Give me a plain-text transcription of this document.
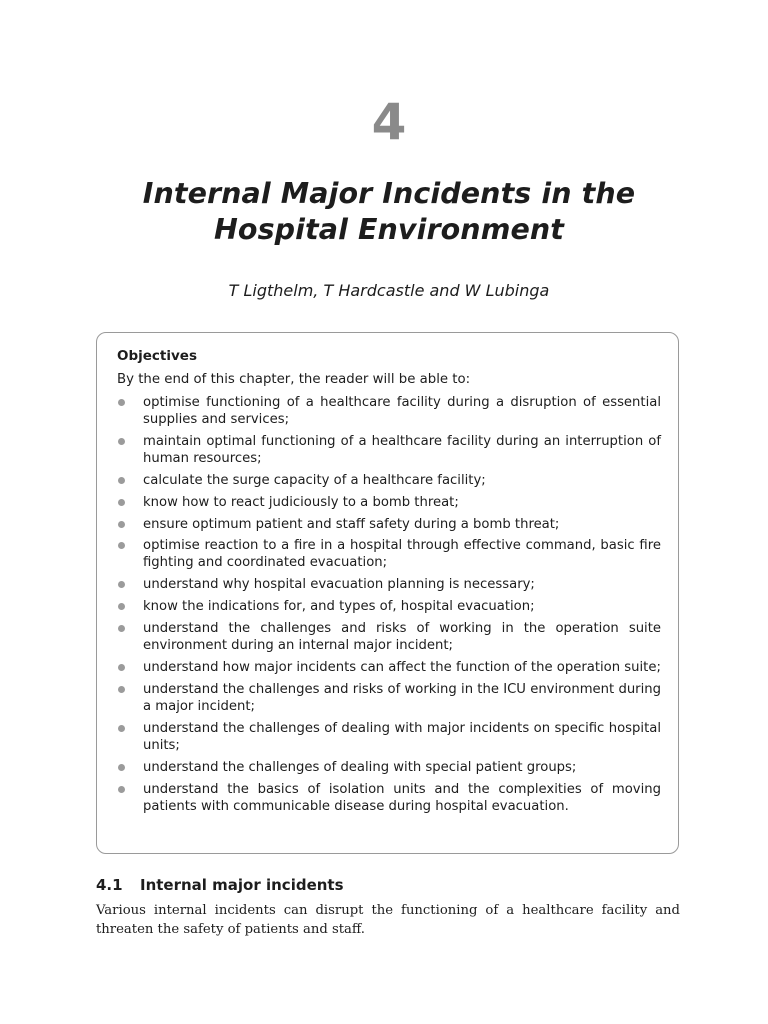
4
Internal Major Incidents in the
Hospital Environment
T Ligthelm, T Hardcastle and W Lubinga
Objectives
By the end of this chapter, the reader will be able to:
optimise functioning of a healthcare facility during a disruption of essential supplies and services;
maintain optimal functioning of a healthcare facility during an interruption of human resources;
calculate the surge capacity of a healthcare facility;
know how to react judiciously to a bomb threat;
ensure optimum patient and staff safety during a bomb threat;
optimise reaction to a fire in a hospital through effective command, basic fire fighting and coordinated evacuation;
understand why hospital evacuation planning is necessary;
know the indications for, and types of, hospital evacuation;
understand the challenges and risks of working in the operation suite environment during an internal major incident;
understand how major incidents can affect the function of the operation suite;
understand the challenges and risks of working in the ICU environment during a major incident;
understand the challenges of dealing with major incidents on specific hospital units;
understand the challenges of dealing with special patient groups;
understand the basics of isolation units and the complexities of moving patients with communicable disease during hospital evacuation.
4.1 Internal major incidents

Various internal incidents can disrupt the functioning of a healthcare facility and threaten the safety of patients and staff.
